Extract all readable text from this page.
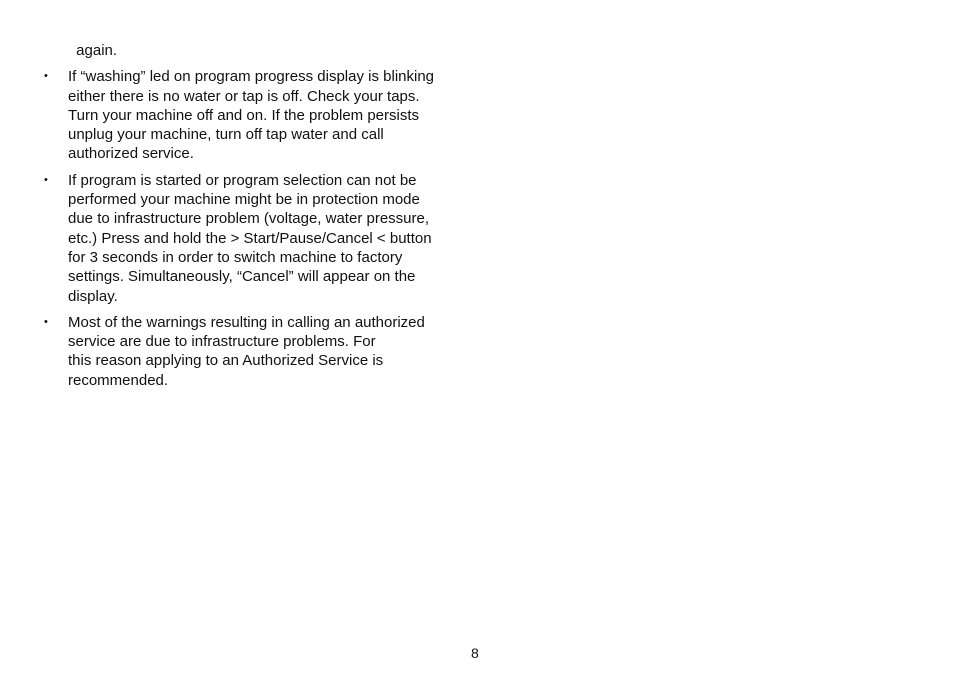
again.
•	If “washing” led on program progress display is blinking
either there is no water or tap is off. Check your taps.
Turn your machine off and on. If the problem persists
unplug your machine, turn off tap water and call
authorized service.
•	If program is started or program selection can not be
performed your machine might be in protection mode
due to infrastructure problem (voltage, water pressure,
etc.) Press and hold the > Start/Pause/Cancel < button
for 3 seconds in order to switch machine to factory
settings. Simultaneously, “Cancel” will appear on the
display.
•	Most of the warnings resulting in calling an authorized
service are due to infrastructure problems. For
this reason applying to an Authorized Service is
recommended.
8
